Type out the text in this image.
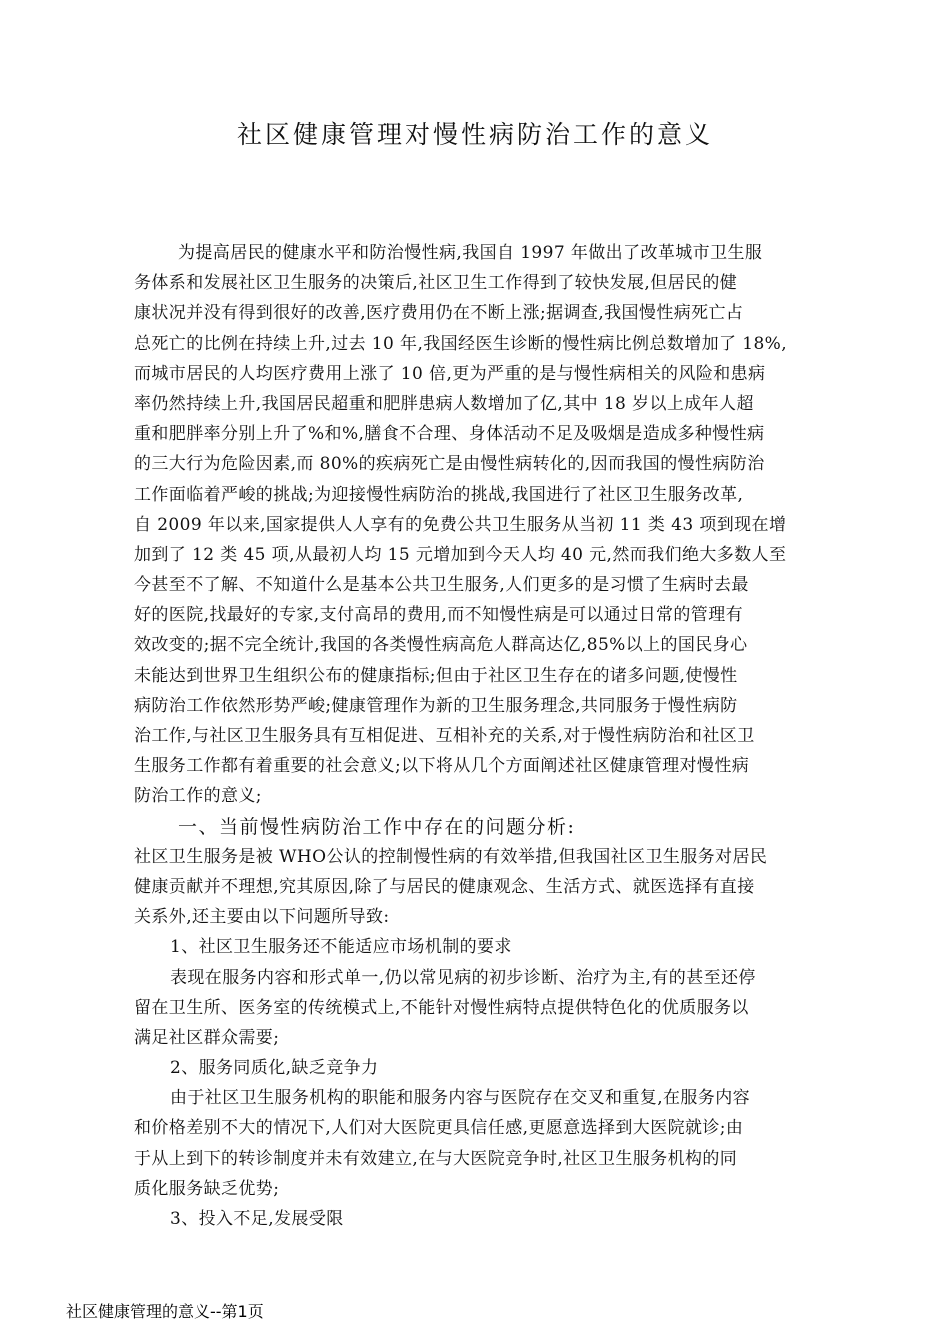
社区健康管理对慢性病防治工作的意义
为提高居民的健康水平和防治慢性病,我国自 1997 年做出了改革城市卫生服
务体系和发展社区卫生服务的决策后,社区卫生工作得到了较快发展,但居民的健
康状况并没有得到很好的改善,医疗费用仍在不断上涨;据调查,我国慢性病死亡占
总死亡的比例在持续上升,过去 10 年,我国经医生诊断的慢性病比例总数增加了 18%,
而城市居民的人均医疗费用上涨了 10 倍,更为严重的是与慢性病相关的风险和患病
率仍然持续上升,我国居民超重和肥胖患病人数增加了亿,其中 18 岁以上成年人超
重和肥胖率分别上升了%和%,膳食不合理、身体活动不足及吸烟是造成多种慢性病
的三大行为危险因素,而 80%的疾病死亡是由慢性病转化的,因而我国的慢性病防治
工作面临着严峻的挑战;为迎接慢性病防治的挑战,我国进行了社区卫生服务改革,
自 2009 年以来,国家提供人人享有的免费公共卫生服务从当初 11 类 43 项到现在增
加到了 12 类 45 项,从最初人均 15 元增加到今天人均 40 元,然而我们绝大多数人至
今甚至不了解、不知道什么是基本公共卫生服务,人们更多的是习惯了生病时去最
好的医院,找最好的专家,支付高昂的费用,而不知慢性病是可以通过日常的管理有
效改变的;据不完全统计,我国的各类慢性病高危人群高达亿,85%以上的国民身心
未能达到世界卫生组织公布的健康指标;但由于社区卫生存在的诸多问题,使慢性
病防治工作依然形势严峻;健康管理作为新的卫生服务理念,共同服务于慢性病防
治工作,与社区卫生服务具有互相促进、互相补充的关系,对于慢性病防治和社区卫
生服务工作都有着重要的社会意义;以下将从几个方面阐述社区健康管理对慢性病
防治工作的意义;
一、当前慢性病防治工作中存在的问题分析:
社区卫生服务是被 WHO公认的控制慢性病的有效举措,但我国社区卫生服务对居民
健康贡献并不理想,究其原因,除了与居民的健康观念、生活方式、就医选择有直接
关系外,还主要由以下问题所导致:
1、社区卫生服务还不能适应市场机制的要求
表现在服务内容和形式单一,仍以常见病的初步诊断、治疗为主,有的甚至还停
留在卫生所、医务室的传统模式上,不能针对慢性病特点提供特色化的优质服务以
满足社区群众需要;
2、服务同质化,缺乏竞争力
由于社区卫生服务机构的职能和服务内容与医院存在交叉和重复,在服务内容
和价格差别不大的情况下,人们对大医院更具信任感,更愿意选择到大医院就诊;由
于从上到下的转诊制度并未有效建立,在与大医院竞争时,社区卫生服务机构的同
质化服务缺乏优势;
3、投入不足,发展受限
社区健康管理的意义--第1页
